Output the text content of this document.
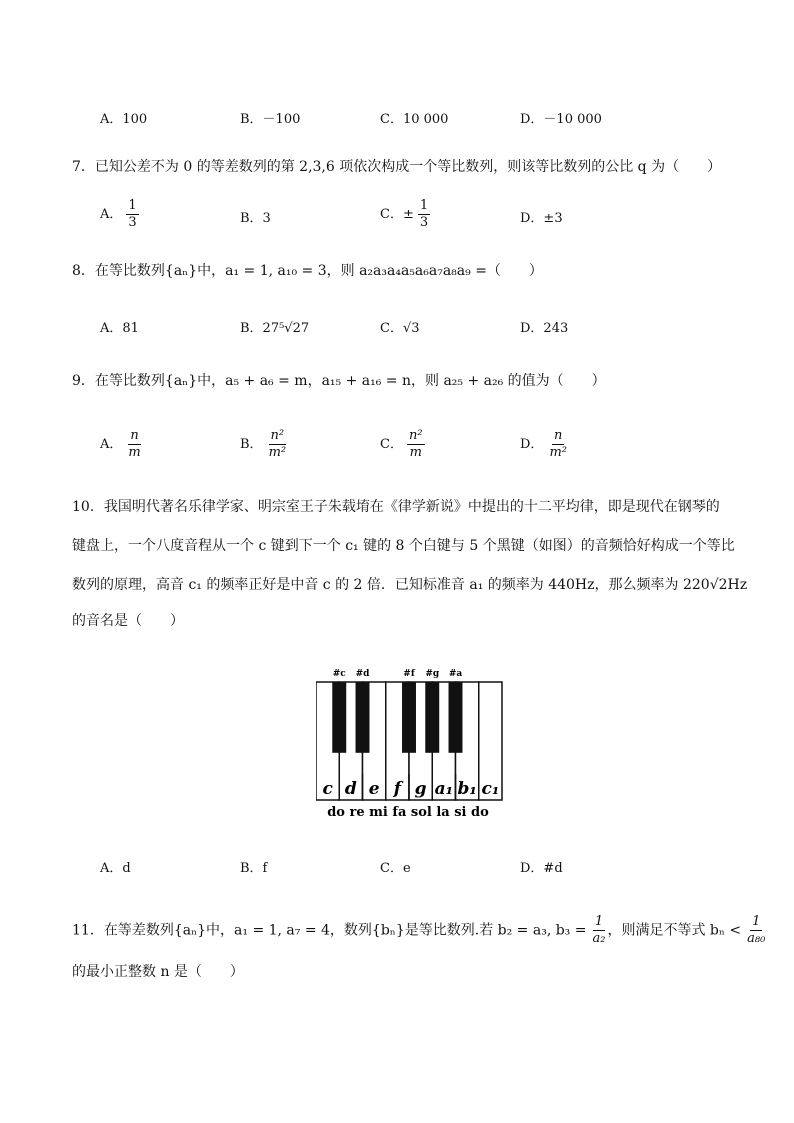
A．100	B．－100	C．10 000	D．－10 000
7．已知公差不为 0 的等差数列的第 2,3,6 项依次构成一个等比数列，则该等比数列的公比 q 为（　　）
A． $\frac{1}{3}$	B．3	C．± $\frac{1}{3}$	D．±3
8．在等比数列{aₙ}中，a₁ = 1, a₁₀ = 3，则 a₂a₃a₄a₅a₆a₇a₈a₉ =（　　）
A．81	B．27⁵√27	C．√3	D．243
9．在等比数列{aₙ}中，a₅ + a₆ = m，a₁₅ + a₁₆ = n，则 a₂₅ + a₂₆ 的值为（　　）
A． $\frac{n}{m}$	B． $\frac{\text{n²}}{\text{m²}}$	C． $\frac{\text{n²}}{m}$	D． $\frac{n}{\text{m²}}$
10．我国明代著名乐律学家、明宗室王子朱载堉在《律学新说》中提出的十二平均律，即是现代在钢琴的
键盘上，一个八度音程从一个 c 键到下一个 c₁ 键的 8 个白键与 5 个黑键（如图）的音频恰好构成一个等比
数列的原理，高音 c₁ 的频率正好是中音 c 的 2 倍．已知标准音 a₁ 的频率为 440Hz，那么频率为 220√2Hz
的音名是（　　）
#c #d	#f #g #a
c d e f g a₁ b₁ c₁
do re mi fa sol la si do
A．d	B．f	C．e	D．#d
11．在等差数列{aₙ}中，a₁ = 1, a₇ = 4，数列{bₙ}是等比数列.若 b₂ = a₃, $b_3 = \frac{1}{\text{a₂}}$ ，则满足不等式 $b_n < \frac{1}{\text{a₈₀}}$
的最小正整数 n 是（　　）
